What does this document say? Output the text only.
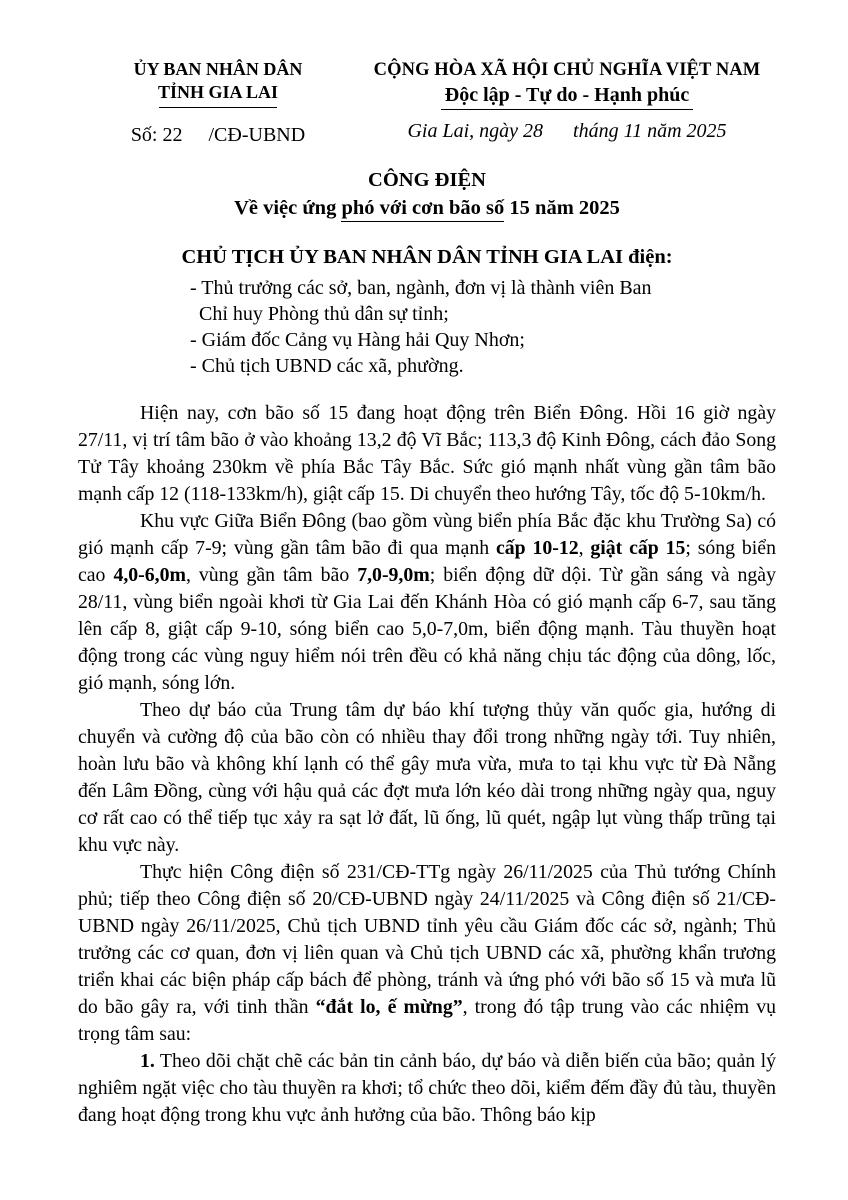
ỦY BAN NHÂN DÂN
TỈNH GIA LAI
Số: 22 /CĐ-UBND
CỘNG HÒA XÃ HỘI CHỦ NGHĨA VIỆT NAM
Độc lập - Tự do - Hạnh phúc
Gia Lai, ngày 28 tháng 11 năm 2025
CÔNG ĐIỆN
Về việc ứng phó với cơn bão số 15 năm 2025
CHỦ TỊCH ỦY BAN NHÂN DÂN TỈNH GIA LAI điện:
- Thủ trưởng các sở, ban, ngành, đơn vị là thành viên Ban
Chỉ huy Phòng thủ dân sự tỉnh;
- Giám đốc Cảng vụ Hàng hải Quy Nhơn;
- Chủ tịch UBND các xã, phường.

Hiện nay, cơn bão số 15 đang hoạt động trên Biển Đông. Hồi 16 giờ ngày 27/11, vị trí tâm bão ở vào khoảng 13,2 độ Vĩ Bắc; 113,3 độ Kinh Đông, cách đảo Song Tử Tây khoảng 230km về phía Bắc Tây Bắc. Sức gió mạnh nhất vùng gần tâm bão mạnh cấp 12 (118-133km/h), giật cấp 15. Di chuyển theo hướng Tây, tốc độ 5-10km/h.

Khu vực Giữa Biển Đông (bao gồm vùng biển phía Bắc đặc khu Trường Sa) có gió mạnh cấp 7-9; vùng gần tâm bão đi qua mạnh cấp 10-12, giật cấp 15; sóng biển cao 4,0-6,0m, vùng gần tâm bão 7,0-9,0m; biển động dữ dội. Từ gần sáng và ngày 28/11, vùng biển ngoài khơi từ Gia Lai đến Khánh Hòa có gió mạnh cấp 6-7, sau tăng lên cấp 8, giật cấp 9-10, sóng biển cao 5,0-7,0m, biển động mạnh. Tàu thuyền hoạt động trong các vùng nguy hiểm nói trên đều có khả năng chịu tác động của dông, lốc, gió mạnh, sóng lớn.

Theo dự báo của Trung tâm dự báo khí tượng thủy văn quốc gia, hướng di chuyển và cường độ của bão còn có nhiều thay đổi trong những ngày tới. Tuy nhiên, hoàn lưu bão và không khí lạnh có thể gây mưa vừa, mưa to tại khu vực từ Đà Nẵng đến Lâm Đồng, cùng với hậu quả các đợt mưa lớn kéo dài trong những ngày qua, nguy cơ rất cao có thể tiếp tục xảy ra sạt lở đất, lũ ống, lũ quét, ngập lụt vùng thấp trũng tại khu vực này.

Thực hiện Công điện số 231/CĐ-TTg ngày 26/11/2025 của Thủ tướng Chính phủ; tiếp theo Công điện số 20/CĐ-UBND ngày 24/11/2025 và Công điện số 21/CĐ-UBND ngày 26/11/2025, Chủ tịch UBND tỉnh yêu cầu Giám đốc các sở, ngành; Thủ trưởng các cơ quan, đơn vị liên quan và Chủ tịch UBND các xã, phường khẩn trương triển khai các biện pháp cấp bách để phòng, tránh và ứng phó với bão số 15 và mưa lũ do bão gây ra, với tinh thần “đắt lo, ế mừng”, trong đó tập trung vào các nhiệm vụ trọng tâm sau:

1. Theo dõi chặt chẽ các bản tin cảnh báo, dự báo và diễn biến của bão; quản lý nghiêm ngặt việc cho tàu thuyền ra khơi; tổ chức theo dõi, kiểm đếm đầy đủ tàu, thuyền đang hoạt động trong khu vực ảnh hưởng của bão. Thông báo kịp
